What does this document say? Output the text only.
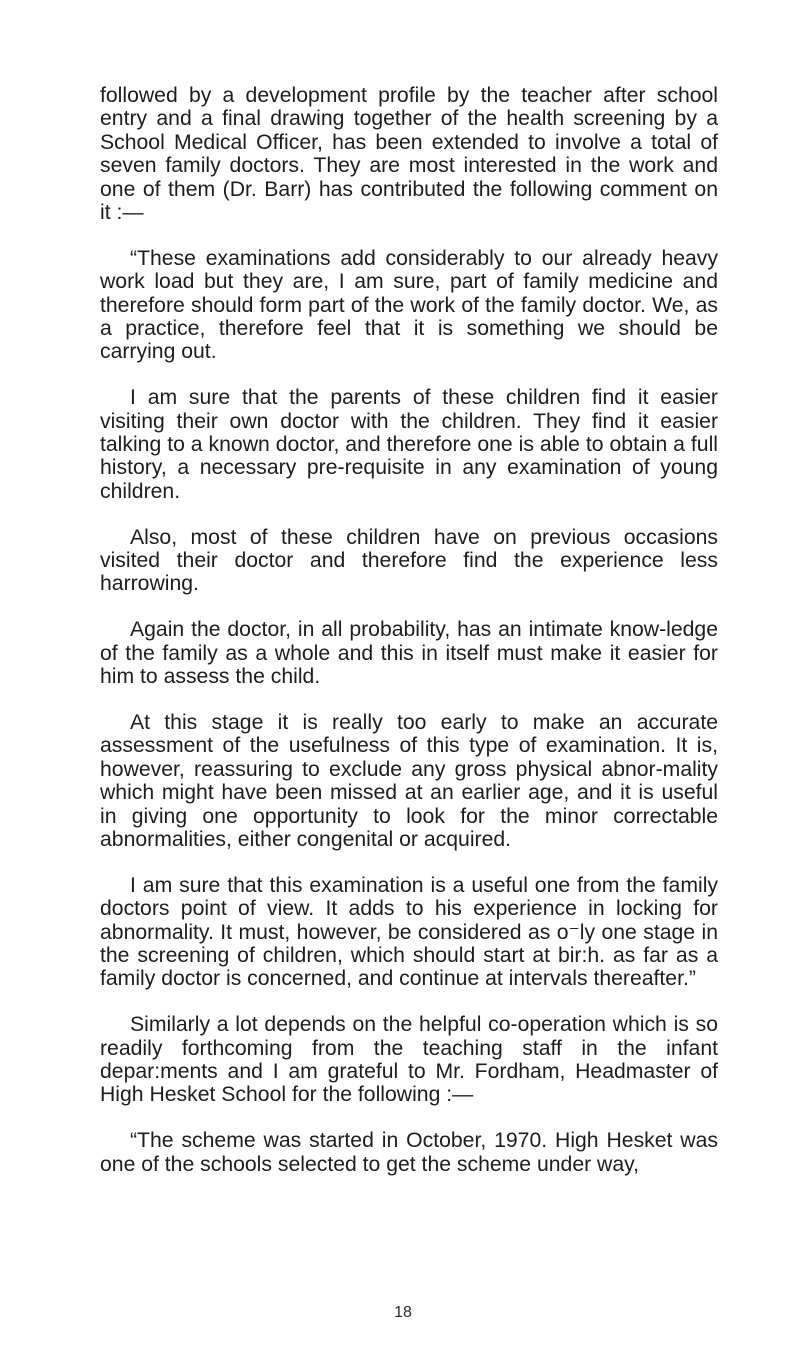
followed by a development profile by the teacher after school entry and a final drawing together of the health screening by a School Medical Officer, has been extended to involve a total of seven family doctors. They are most interested in the work and one of them (Dr. Barr) has contributed the following comment on it :—

“These examinations add considerably to our already heavy work load but they are, I am sure, part of family medicine and therefore should form part of the work of the family doctor. We, as a practice, therefore feel that it is something we should be carrying out.

I am sure that the parents of these children find it easier visiting their own doctor with the children. They find it easier talking to a known doctor, and therefore one is able to obtain a full history, a necessary pre-requisite in any examination of young children.

Also, most of these children have on previous occasions visited their doctor and therefore find the experience less harrowing.

Again the doctor, in all probability, has an intimate know-ledge of the family as a whole and this in itself must make it easier for him to assess the child.

At this stage it is really too early to make an accurate assessment of the usefulness of this type of examination. It is, however, reassuring to exclude any gross physical abnor-mality which might have been missed at an earlier age, and it is useful in giving one opportunity to look for the minor correctable abnormalities, either congenital or acquired.

I am sure that this examination is a useful one from the family doctors point of view. It adds to his experience in locking for abnormality. It must, however, be considered as o⁻ly one stage in the screening of children, which should start at bir:h. as far as a family doctor is concerned, and continue at intervals thereafter.”

Similarly a lot depends on the helpful co-operation which is so readily forthcoming from the teaching staff in the infant depar:ments and I am grateful to Mr. Fordham, Headmaster of High Hesket School for the following :—

“The scheme was started in October, 1970. High Hesket was one of the schools selected to get the scheme under way,

18
